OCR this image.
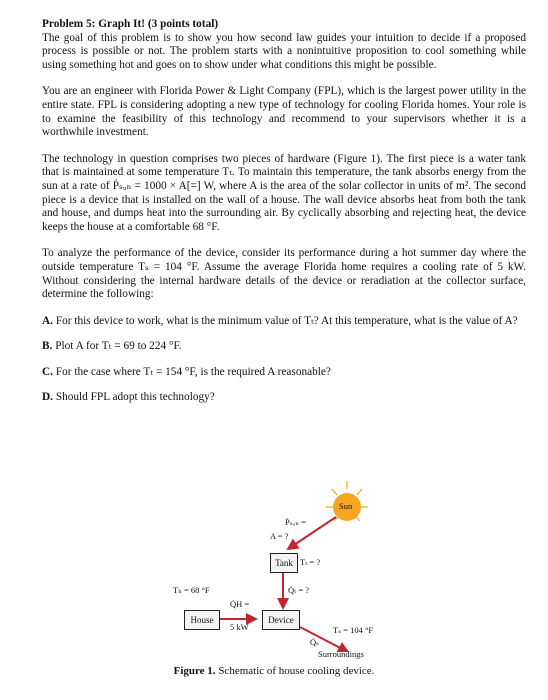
Problem 5: Graph It! (3 points total)

The goal of this problem is to show you how second law guides your intuition to decide if a proposed process is possible or not. The problem starts with a nonintuitive proposition to cool something while using something hot and goes on to show under what conditions this might be possible.

You are an engineer with Florida Power & Light Company (FPL), which is the largest power utility in the entire state. FPL is considering adopting a new type of technology for cooling Florida homes. Your role is to examine the feasibility of this technology and recommend to your supervisors whether it is a worthwhile investment.

The technology in question comprises two pieces of hardware (Figure 1). The first piece is a water tank that is maintained at some temperature Tₜ. To maintain this temperature, the tank absorbs energy from the sun at a rate of Ṗₛᵤₙ = 1000 × A[=] W, where A is the area of the solar collector in units of m². The second piece is a device that is installed on the wall of a house. The wall device absorbs heat from both the tank and house, and dumps heat into the surrounding air. By cyclically absorbing and rejecting heat, the device keeps the house at a comfortable 68 °F.

To analyze the performance of the device, consider its performance during a hot summer day where the outside temperature Tₛ = 104 °F. Assume the average Florida home requires a cooling rate of 5 kW. Without considering the internal hardware details of the device or reradiation at the collector surface, determine the following:

A. For this device to work, what is the minimum value of Tₜ? At this temperature, what is the value of A?
B. Plot A for Tₜ = 69 to 224 °F.
C. For the case where Tₜ = 154 °F, is the required A reasonable?
D. Should FPL adopt this technology?
Sun
Ṗₛᵤₙ =
A = ?
Tank Tₜ = ?
Q̇ₜ = ?
Tₕ = 68 °F
House
Q̇H =
5 kW
Device
Tₛ = 104 °F
Q̇ₛ
Surroundings
Figure 1. Schematic of house cooling device.
